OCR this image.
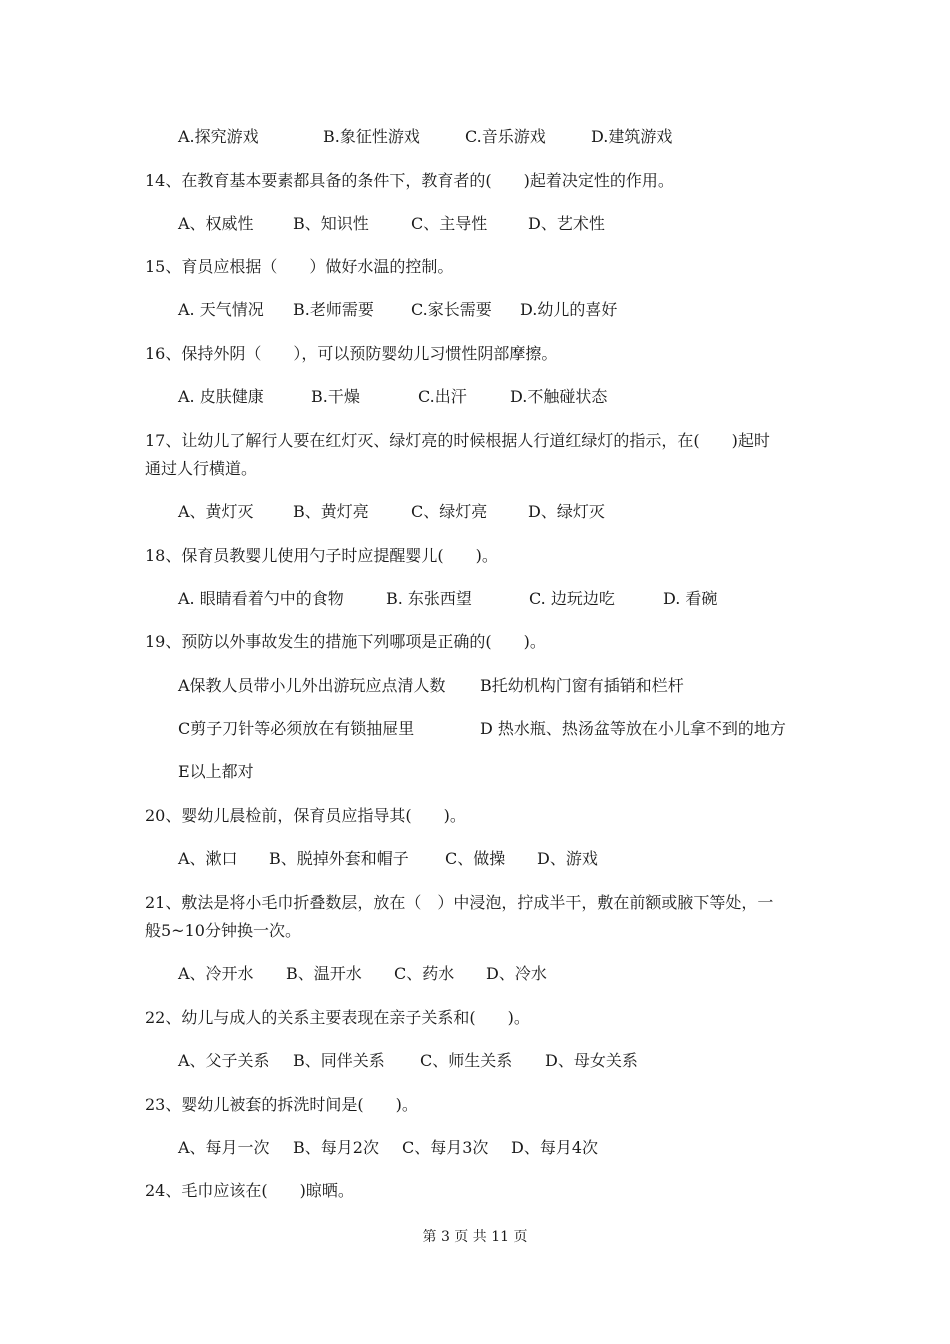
A.探究游戏	B.象征性游戏	C.音乐游戏	D.建筑游戏
14、在教育基本要素都具备的条件下，教育者的(　　)起着决定性的作用。
A、权威性 B、知识性	C、主导性	D、艺术性
15、育员应根据（　　）做好水温的控制。
A. 天气情况 B.老师需要 C.家长需要 D.幼儿的喜好
16、保持外阴（　　），可以预防婴幼儿习惯性阴部摩擦。
A. 皮肤健康	B.干燥	C.出汗	D.不触碰状态
17、让幼儿了解行人要在红灯灭、绿灯亮的时候根据人行道红绿灯的指示，在(　　)起时
通过人行横道。
A、黄灯灭 B、黄灯亮	C、绿灯亮	D、绿灯灭
18、保育员教婴儿使用勺子时应提醒婴儿(　　)。
A. 眼睛看着勺中的食物	B. 东张西望	C. 边玩边吃	D. 看碗
19、预防以外事故发生的措施下列哪项是正确的(　　)。
A保教人员带小儿外出游玩应点清人数 B托幼机构门窗有插销和栏杆
C剪子刀针等必须放在有锁抽屉里	D 热水瓶、热汤盆等放在小儿拿不到的地方
E以上都对
20、婴幼儿晨检前，保育员应指导其(　　)。
A、漱口 B、脱掉外套和帽子 C、做操 D、游戏
21、敷法是将小毛巾折叠数层，放在（　）中浸泡，拧成半干，敷在前额或腋下等处，一
般5~10分钟换一次。
A、冷开水 B、温开水 C、药水 D、冷水
22、幼儿与成人的关系主要表现在亲子关系和(　　)。
A、父子关系 B、同伴关系 C、师生关系 D、母女关系
23、婴幼儿被套的拆洗时间是(　　)。
A、每月一次 B、每月2次 C、每月3次 D、每月4次
24、毛巾应该在(　　)晾晒。
第 3 页 共 11 页
